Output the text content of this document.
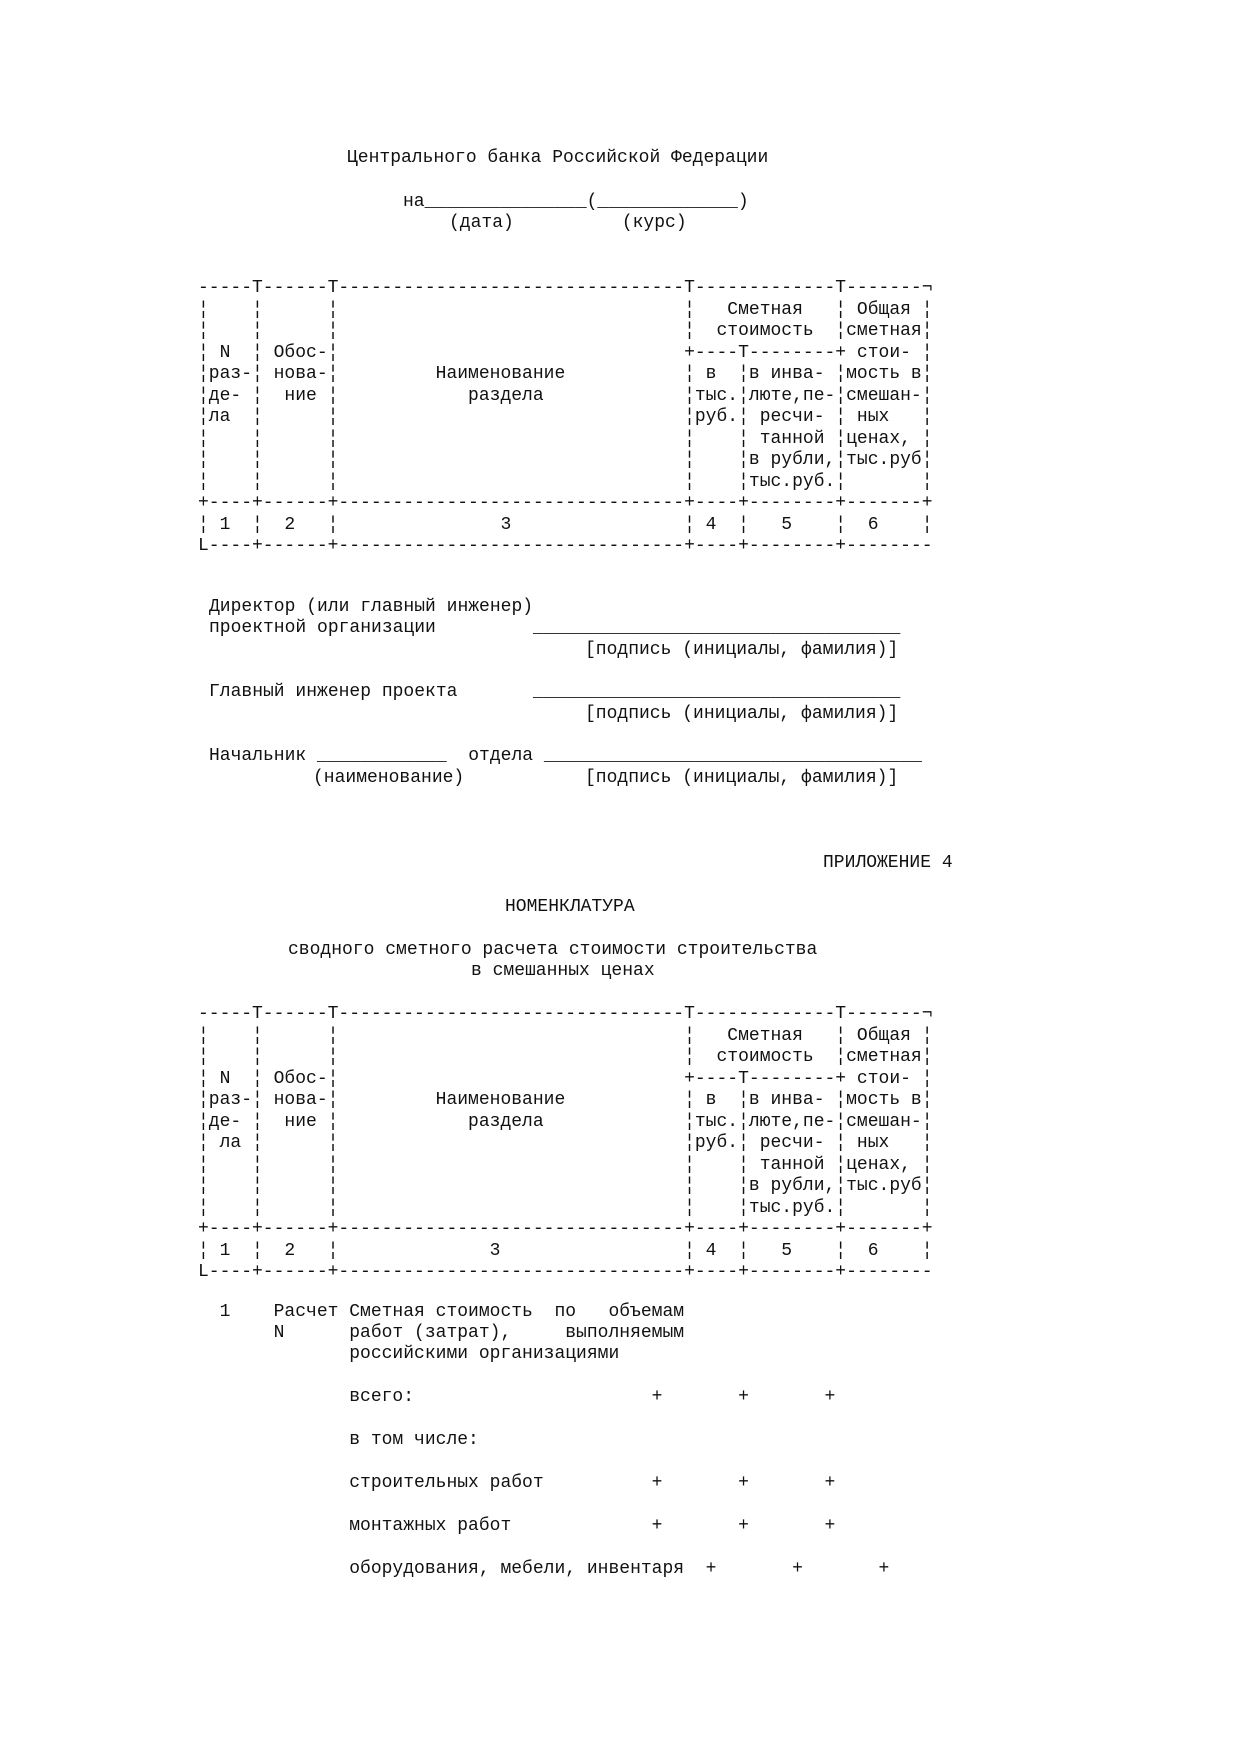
Центрального банка Российской Федерации
на_______________(_____________)
(дата)          (курс)
-----T------T--------------------------------T-------------T-------¬
¦    ¦      ¦                                ¦   Сметная   ¦ Общая ¦
¦    ¦      ¦                                ¦  стоимость  ¦сметная¦
¦ N  ¦ Обос-¦                                +----T--------+ стои- ¦
¦раз-¦ нова-¦         Наименование           ¦ в  ¦в инва- ¦мость в¦
¦де- ¦  ние ¦            раздела             ¦тыс.¦люте,пе-¦смешан-¦
¦ла  ¦      ¦                                ¦руб.¦ ресчи- ¦ ных   ¦
¦    ¦      ¦                                ¦    ¦ танной ¦ценах, ¦
¦    ¦      ¦                                ¦    ¦в рубли,¦тыс.руб¦
¦    ¦      ¦                                ¦    ¦тыс.руб.¦       ¦
+----+------+--------------------------------+----+--------+-------+
¦ 1  ¦  2   ¦               3                ¦ 4  ¦   5    ¦  6    ¦
L----+------+--------------------------------+----+--------+--------
Директор (или главный инженер)
проектной организации         __________________________________
[подпись (инициалы, фамилия)]
Главный инженер проекта       __________________________________
[подпись (инициалы, фамилия)]
Начальник ____________  отдела ___________________________________
(наименование)	[подпись (инициалы, фамилия)]
ПРИЛОЖЕНИЕ 4
НОМЕНКЛАТУРА
сводного сметного расчета стоимости строительства
в смешанных ценах
-----T------T--------------------------------T-------------T-------¬
¦    ¦      ¦                                ¦   Сметная   ¦ Общая ¦
¦    ¦      ¦                                ¦  стоимость  ¦сметная¦
¦ N  ¦ Обос-¦                                +----T--------+ стои- ¦
¦раз-¦ нова-¦         Наименование           ¦ в  ¦в инва- ¦мость в¦
¦де- ¦  ние ¦            раздела             ¦тыс.¦люте,пе-¦смешан-¦
¦ ла ¦      ¦                                ¦руб.¦ ресчи- ¦ ных   ¦
¦    ¦      ¦                                ¦    ¦ танной ¦ценах, ¦
¦    ¦      ¦                                ¦    ¦в рубли,¦тыс.руб¦
¦    ¦      ¦                                ¦    ¦тыс.руб.¦       ¦
+----+------+--------------------------------+----+--------+-------+
¦ 1  ¦  2   ¦              3                 ¦ 4  ¦   5    ¦  6    ¦
L----+------+--------------------------------+----+--------+--------
1    Расчет Сметная стоимость  по   объемам
N      работ (затрат),     выполняемым
российскими организациями
всего:                      +       +       +
в том числе:
строительных работ          +       +       +
монтажных работ             +       +       +
оборудования, мебели, инвентаря  +       +       +
